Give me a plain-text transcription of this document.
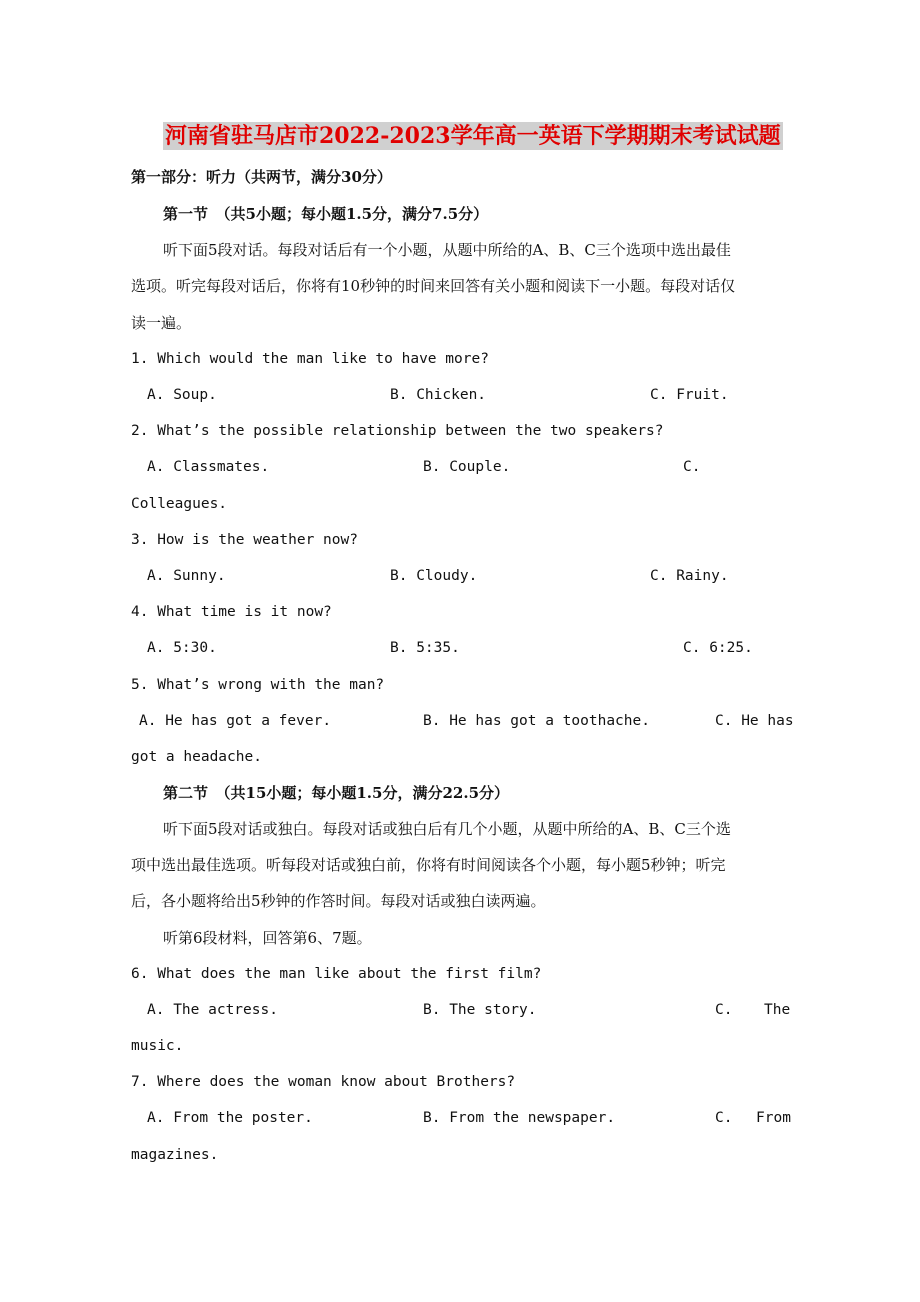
河南省驻马店市2022-2023学年高一英语下学期期末考试试题
第一部分：听力（共两节，满分30分）
第一节　（共5小题；每小题1.5分，满分7.5分）
听下面5段对话。每段对话后有一个小题，从题中所给的A、B、C三个选项中选出最佳
选项。听完每段对话后，你将有10秒钟的时间来回答有关小题和阅读下一小题。每段对话仅
读一遍。
1. Which would the man like to have more?
A. Soup.	B. Chicken.	C. Fruit.
2. What’s the possible relationship between the two speakers?
A. Classmates.	B. Couple.	C.
Colleagues.
3. How is the weather now?
A. Sunny.	B. Cloudy.	C. Rainy.
4. What time is it now?
A. 5:30.	B. 5:35.	C. 6:25.
5. What’s wrong with the man?
A. He has got a fever.	B. He has got a toothache.	C. He has
got a headache.
第二节　（共15小题；每小题1.5分，满分22.5分）
听下面5段对话或独白。每段对话或独白后有几个小题，从题中所给的A、B、C三个选
项中选出最佳选项。听每段对话或独白前，你将有时间阅读各个小题，每小题5秒钟；听完
后，各小题将给出5秒钟的作答时间。每段对话或独白读两遍。
听第6段材料，回答第6、7题。
6. What does the man like about the first film?
A. The actress.	B. The story.	C. The
music.
7. Where does the woman know about Brothers?
A. From the poster.	B. From the newspaper.	C. From
magazines.
